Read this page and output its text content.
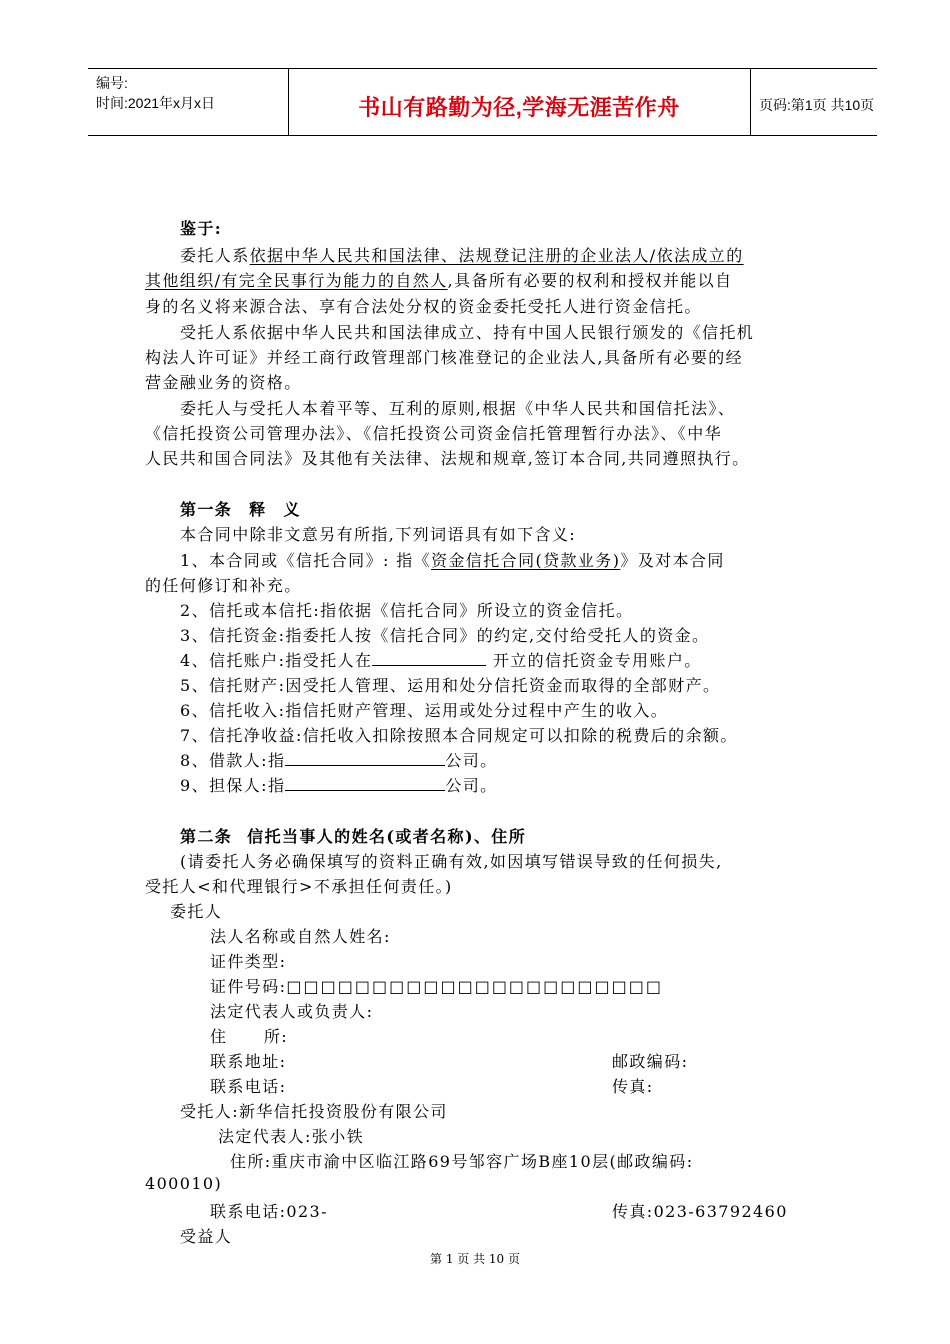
编号:
时间:2021年x月x日	书山有路勤为径,学海无涯苦作舟	页码:第1页 共10页
鉴于:
委托人系依据中华人民共和国法律、法规登记注册的企业法人/依法成立的
其他组织/有完全民事行为能力的自然人,具备所有必要的权利和授权并能以自
身的名义将来源合法、享有合法处分权的资金委托受托人进行资金信托。
受托人系依据中华人民共和国法律成立、持有中国人民银行颁发的《信托机
构法人许可证》并经工商行政管理部门核准登记的企业法人,具备所有必要的经
营金融业务的资格。
委托人与受托人本着平等、互利的原则,根据《中华人民共和国信托法》、
《信托投资公司管理办法》、《信托投资公司资金信托管理暂行办法》、《中华
人民共和国合同法》及其他有关法律、法规和规章,签订本合同,共同遵照执行。
第一条 释 义
本合同中除非文意另有所指,下列词语具有如下含义:
1、本合同或《信托合同》: 指《资金信托合同(贷款业务)》及对本合同
的任何修订和补充。
2、信托或本信托:指依据《信托合同》所设立的资金信托。
3、信托资金:指委托人按《信托合同》的约定,交付给受托人的资金。
4、信托账户:指受托人在	开立的信托资金专用账户。
5、信托财产:因受托人管理、运用和处分信托资金而取得的全部财产。
6、信托收入:指信托财产管理、运用或处分过程中产生的收入。
7、信托净收益:信托收入扣除按照本合同规定可以扣除的税费后的余额。
8、借款人:指	公司。
9、担保人:指	公司。
第二条 信托当事人的姓名(或者名称)、住所
(请委托人务必确保填写的资料正确有效,如因填写错误导致的任何损失,
受托人<和代理银行>不承担任何责任。)
委托人
法人名称或自然人姓名:
证件类型:
证件号码:□□□□□□□□□□□□□□□□□□□□□□
法定代表人或负责人:
住 所:
联系地址:	邮政编码:
联系电话:	传真:
受托人:新华信托投资股份有限公司
法定代表人:张小铁
住所:重庆市渝中区临江路69号邹容广场B座10层(邮政编码:
400010)
联系电话:023-	传真:023-63792460
受益人
第 1 页 共 10 页
